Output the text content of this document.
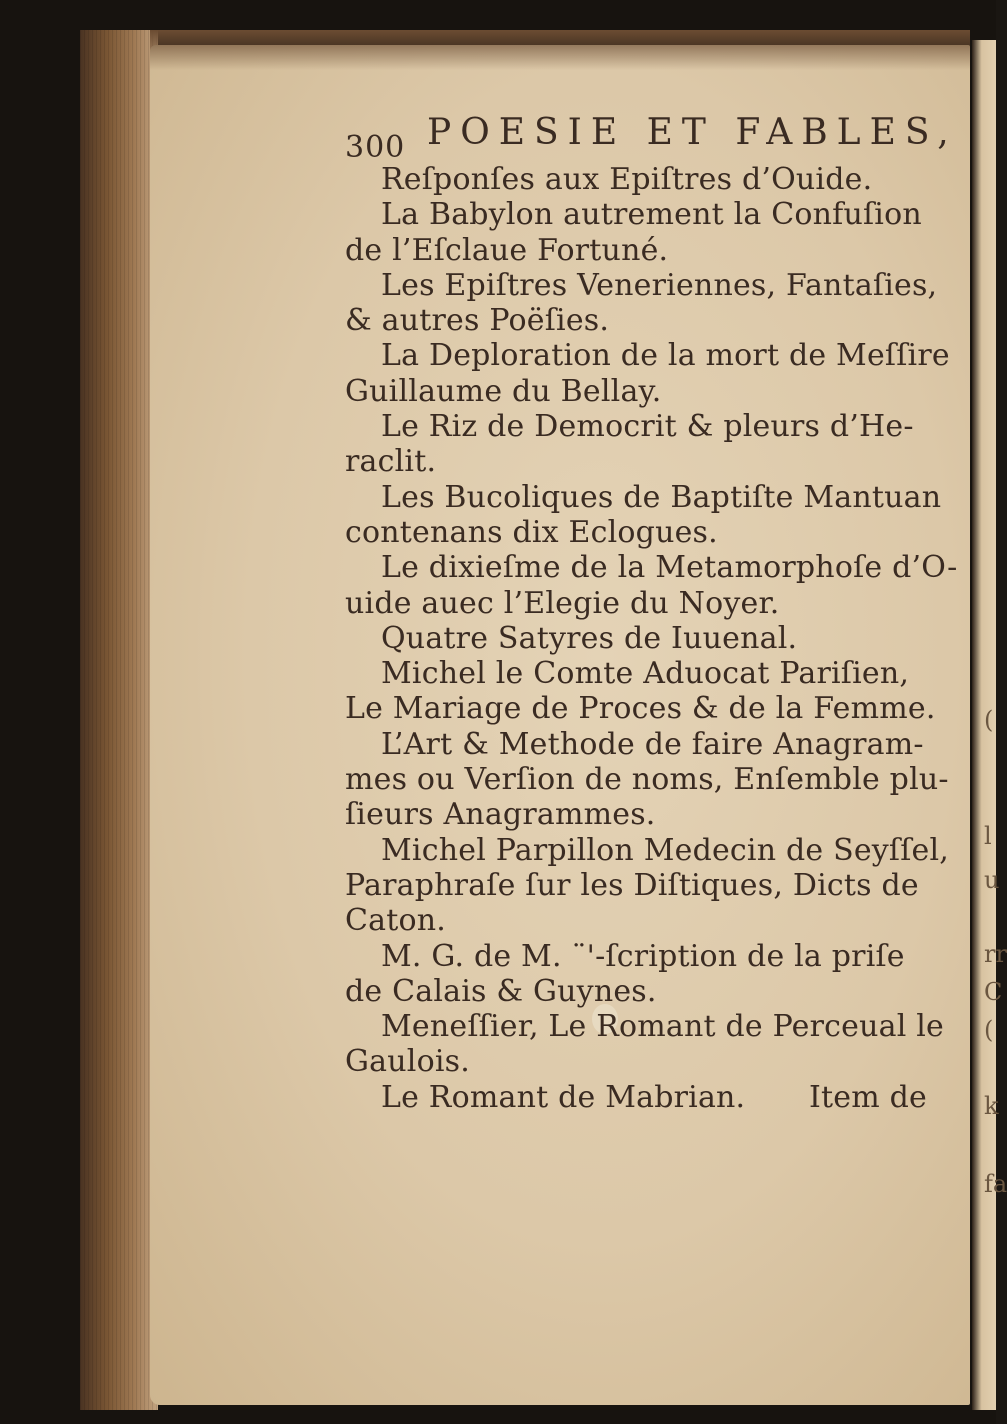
(
l
u
rr
C
(
k
fa
300 POESIE ET FABLES,
Reſponſes aux Epiſtres d’Ouide.
La Babylon autrement la Confuſion
de l’Eſclaue Fortuné.
Les Epiſtres Veneriennes, Fantaſies,
& autres Poëſies.
La Deploration de la mort de Meſſire
Guillaume du Bellay.
Le Riz de Democrit & pleurs d’He-
raclit.
Les Bucoliques de Baptiſte Mantuan
contenans dix Eclogues.
Le dixieſme de la Metamorphoſe d’O-
uide auec l’Elegie du Noyer.
Quatre Satyres de Iuuenal.
Michel le Comte Aduocat Pariſien,
Le Mariage de Proces & de la Femme.
L’Art & Methode de faire Anagram-
mes ou Verſion de noms, Enſemble plu-
ſieurs Anagrammes.
Michel Parpillon Medecin de Seyſſel,
Paraphraſe ſur les Diſtiques, Dicts de
Caton.
M. G. de M. ¨'-ſcription de la priſe
de Calais & Guynes.
Meneſſier, Le Romant de Perceual le
Gaulois.
Le Romant de Mabrian. Item de
